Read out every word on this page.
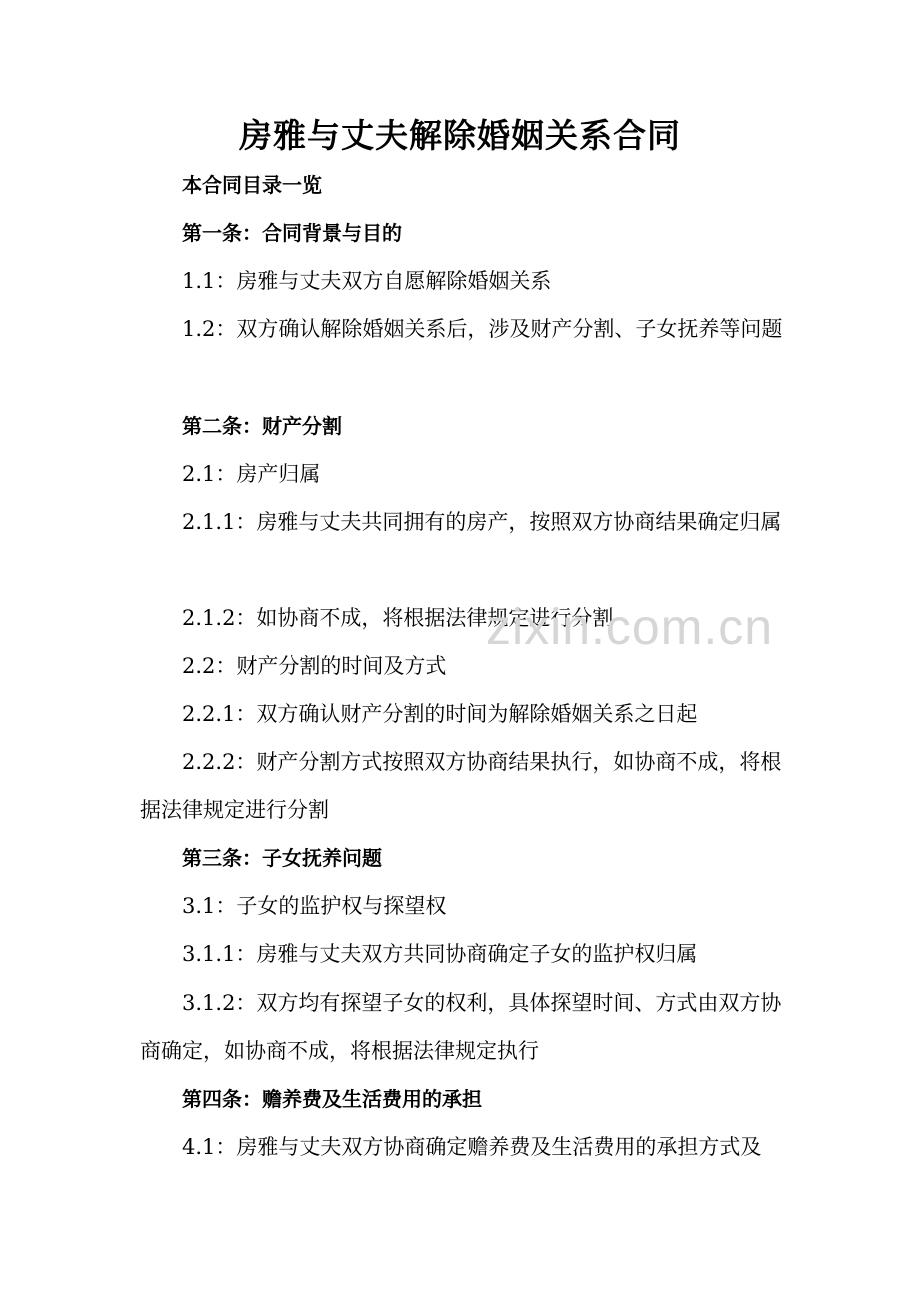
房雅与丈夫解除婚姻关系合同
本合同目录一览
第一条：合同背景与目的
1.1：房雅与丈夫双方自愿解除婚姻关系
1.2：双方确认解除婚姻关系后，涉及财产分割、子女抚养等问题
第二条：财产分割
2.1：房产归属
2.1.1：房雅与丈夫共同拥有的房产，按照双方协商结果确定归属
2.1.2：如协商不成，将根据法律规定进行分割
2.2：财产分割的时间及方式
2.2.1：双方确认财产分割的时间为解除婚姻关系之日起
2.2.2：财产分割方式按照双方协商结果执行，如协商不成，将根据法律规定进行分割
第三条：子女抚养问题
3.1：子女的监护权与探望权
3.1.1：房雅与丈夫双方共同协商确定子女的监护权归属
3.1.2：双方均有探望子女的权利，具体探望时间、方式由双方协商确定，如协商不成，将根据法律规定执行
第四条：赡养费及生活费用的承担
4.1：房雅与丈夫双方协商确定赡养费及生活费用的承担方式及
zixin.com.cn
